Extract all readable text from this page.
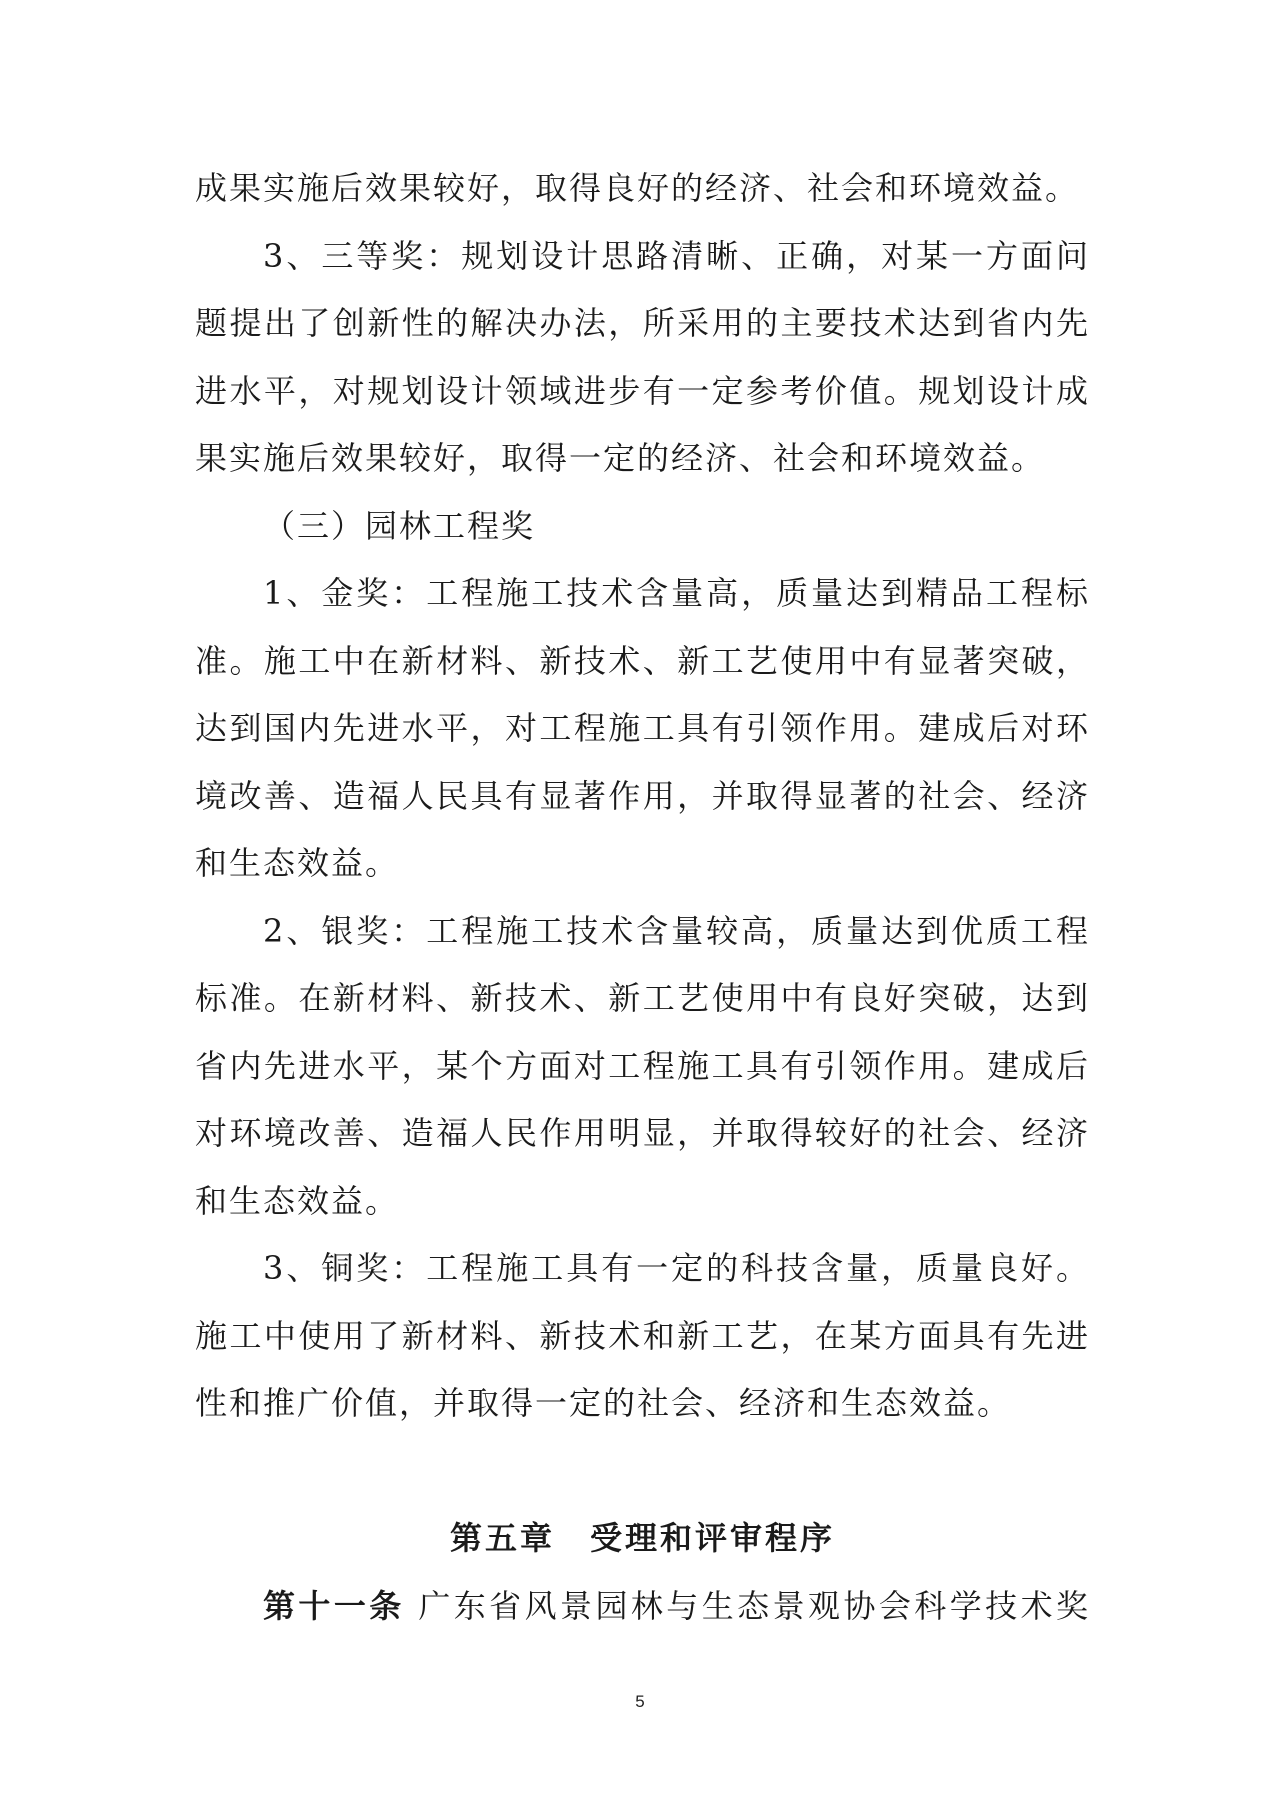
成果实施后效果较好，取得良好的经济、社会和环境效益。
3、三等奖：规划设计思路清晰、正确，对某一方面问
题提出了创新性的解决办法，所采用的主要技术达到省内先
进水平，对规划设计领域进步有一定参考价值。规划设计成
果实施后效果较好，取得一定的经济、社会和环境效益。
（三）园林工程奖
1、金奖：工程施工技术含量高，质量达到精品工程标
准。施工中在新材料、新技术、新工艺使用中有显著突破，
达到国内先进水平，对工程施工具有引领作用。建成后对环
境改善、造福人民具有显著作用，并取得显著的社会、经济
和生态效益。
2、银奖：工程施工技术含量较高，质量达到优质工程
标准。在新材料、新技术、新工艺使用中有良好突破，达到
省内先进水平，某个方面对工程施工具有引领作用。建成后
对环境改善、造福人民作用明显，并取得较好的社会、经济
和生态效益。
3、铜奖：工程施工具有一定的科技含量，质量良好。
施工中使用了新材料、新技术和新工艺，在某方面具有先进
性和推广价值，并取得一定的社会、经济和生态效益。
第五章　受理和评审程序
第十一条 广东省风景园林与生态景观协会科学技术奖
5
